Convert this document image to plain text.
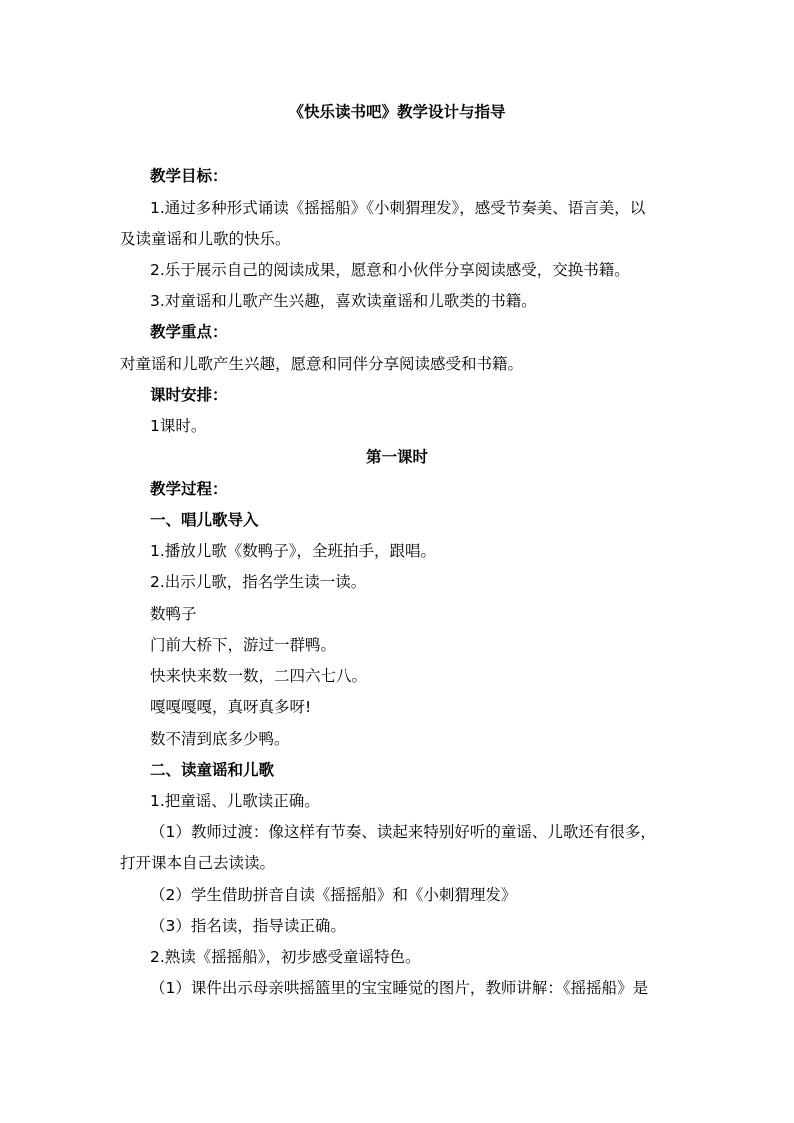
《快乐读书吧》教学设计与指导
教学目标：
1.通过多种形式诵读《摇摇船》《小刺猬理发》，感受节奏美、语言美，以
及读童谣和儿歌的快乐。
2.乐于展示自己的阅读成果，愿意和小伙伴分享阅读感受，交换书籍。
3.对童谣和儿歌产生兴趣，喜欢读童谣和儿歌类的书籍。
教学重点：
对童谣和儿歌产生兴趣，愿意和同伴分享阅读感受和书籍。
课时安排：
1课时。
第一课时
教学过程：
一、唱儿歌导入
1.播放儿歌《数鸭子》，全班拍手，跟唱。
2.出示儿歌，指名学生读一读。
数鸭子
门前大桥下，游过一群鸭。
快来快来数一数，二四六七八。
嘎嘎嘎嘎，真呀真多呀!
数不清到底多少鸭。
二、读童谣和儿歌
1.把童谣、儿歌读正确。
（1）教师过渡：像这样有节奏、读起来特别好听的童谣、儿歌还有很多，
打开课本自己去读读。
（2）学生借助拼音自读《摇摇船》和《小刺猬理发》
（3）指名读，指导读正确。
2.熟读《摇摇船》，初步感受童谣特色。
（1）课件出示母亲哄摇篮里的宝宝睡觉的图片，教师讲解：《摇摇船》是
